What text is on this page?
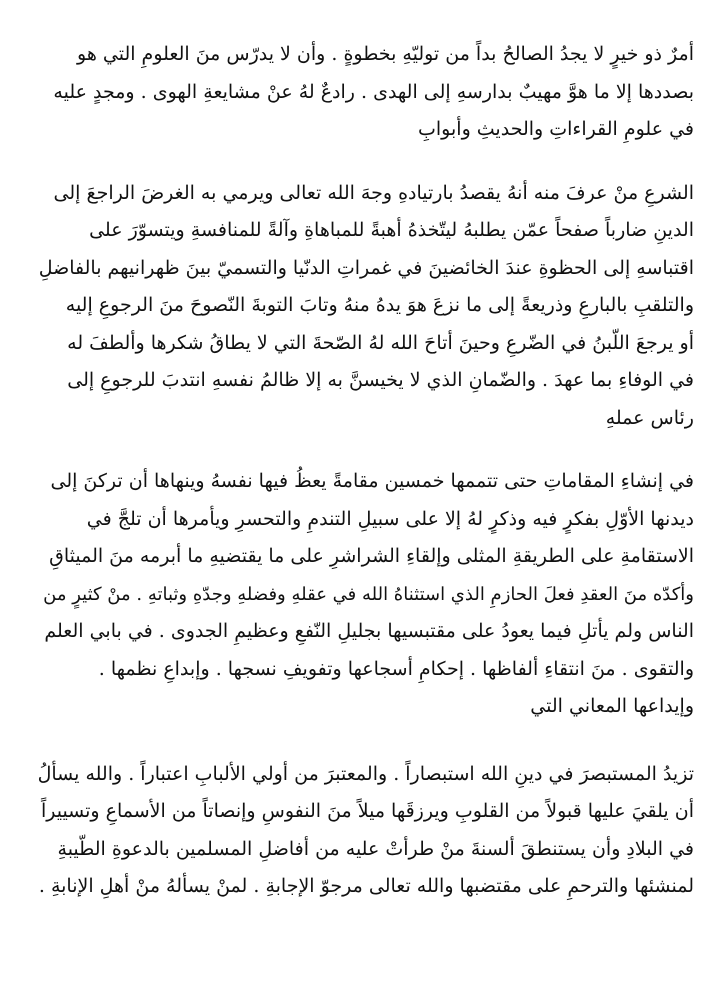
أمرٌ ذو خيرٍ لا يجدُ الصالحُ بداً من توليّهِ بخطوةٍ . وأن لا يدرّس منَ العلومِ التي هو
بصددها إلا ما هوَّ مهيبٌ بدارسهِ إلى الهدى . رادعٌ لهُ عنْ مشايعةِ الهوى . ومجدٍ عليه
في علومِ القراءاتِ والحديثِ وأبوابِ

الشرعِ منْ عرفَ منه أنهُ يقصدُ بارتيادهِ وجهَ الله تعالى ويرمي به الغرضَ الراجعَ إلى
الدينِ ضارباً صفحاً عمّن يطلبهُ ليتّخذهُ أهبةً للمباهاةِ وآلةً للمنافسةِ ويتسوّرَ على
اقتباسهِ إلى الحظوةِ عندَ الخائضينَ في غمراتِ الدنّيا والتسميّ بينَ ظهرانيهم بالفاضلِ
والتلقبِ بالبارعِ وذريعةً إلى ما نزعَ هوَ يدهُ منهُ وتابَ التوبةَ النّصوحَ منَ الرجوعِ إليه
أو يرجعَ اللّبنُ في الضّرعِ وحينَ أتاحَ الله لهُ الصّحةَ التي لا يطاقُ شكرها وألطفَ له
في الوفاءِ بما عهدَ . والضّمانِ الذي لا يخيسنَّ به إلا ظالمُ نفسهِ انتدبَ للرجوعِ إلى
رئاس عملهِ

في إنشاءِ المقاماتِ حتى تتممها خمسين مقامةً يعظُ فيها نفسهُ وينهاها أن تركنَ إلى
ديدنها الأوّلِ بفكرٍ فيه وذكرٍ لهُ إلا على سبيلِ التندمِ والتحسرِ ويأمرها أن تلجَّ في
الاستقامةِ على الطريقةِ المثلى وإلقاءِ الشراشرِ على ما يقتضيهِ ما أبرمه منَ الميثاقِ
وأكدّه منَ العقدِ فعلَ الحازمِ الذي استثناهُ الله في عقلهِ وفضلهِ وجدّهِ وثباتهِ . منْ كثيرٍ من
الناس ولم يأتلِ فيما يعودُ على مقتبسيها بجليلِ النّفعِ وعظيمِ الجدوى . في بابي العلم
والتقوى . منَ انتقاءِ ألفاظها . إحكامِ أسجاعها وتفويفِ نسجها . وإبداعِ نظمها .
وإيداعها المعاني التي

تزيدُ المستبصرَ في دينِ الله استبصاراً . والمعتبرَ من أولي الألبابِ اعتباراً . والله يسألُ
أن يلقيَ عليها قبولاً من القلوبِ ويرزقَها ميلاً منَ النفوسِ وإنصاتاً من الأسماعِ وتسييراً
في البلادِ وأن يستنطقَ ألسنةَ منْ طرأتْ عليه من أفاضلِ المسلمين بالدعوةِ الطّيبةِ
لمنشئها والترحمِ على مقتضبها والله تعالى مرجوّ الإجابةِ . لمنْ يسألهُ منْ أهلِ الإنابةِ .
